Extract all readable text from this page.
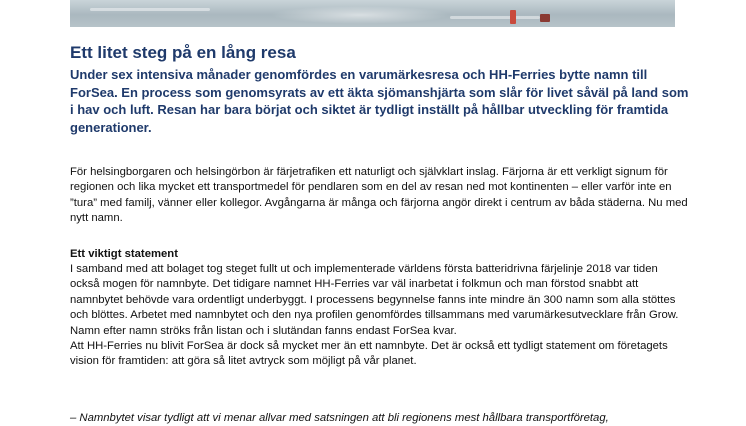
Ett litet steg på en lång resa

Under sex intensiva månader genomfördes en varumärkesresa och HH-Ferries bytte namn till ForSea. En process som genomsyrats av ett äkta sjömanshjärta som slår för livet såväl på land som i hav och luft. Resan har bara börjat och siktet är tydligt inställt på hållbar utveckling för framtida generationer.

För helsingborgaren och helsingörbon är färjetrafiken ett naturligt och självklart inslag. Färjorna är ett verkligt signum för regionen och lika mycket ett transportmedel för pendlaren som en del av resan ned mot kontinenten – eller varför inte en ”tura” med familj, vänner eller kollegor. Avgångarna är många och färjorna angör direkt i centrum av båda städerna. Nu med nytt namn.

Ett viktigt statement
I samband med att bolaget tog steget fullt ut och implementerade världens första batteridrivna färjelinje 2018 var tiden också mogen för namnbyte. Det tidigare namnet HH-Ferries var väl inarbetat i folkmun och man förstod snabbt att namnbytet behövde vara ordentligt underbyggt. I processens begynnelse fanns inte mindre än 300 namn som alla stöttes och blöttes. Arbetet med namnbytet och den nya profilen genomfördes tillsammans med varumärkesutvecklare från Grow. Namn efter namn ströks från listan och i slutändan fanns endast ForSea kvar.
Att HH-Ferries nu blivit ForSea är dock så mycket mer än ett namnbyte. Det är också ett tydligt statement om företagets vision för framtiden: att göra så litet avtryck som möjligt på vår planet.

– Namnbytet visar tydligt att vi menar allvar med satsningen att bli regionens mest hållbara transportföretag,
